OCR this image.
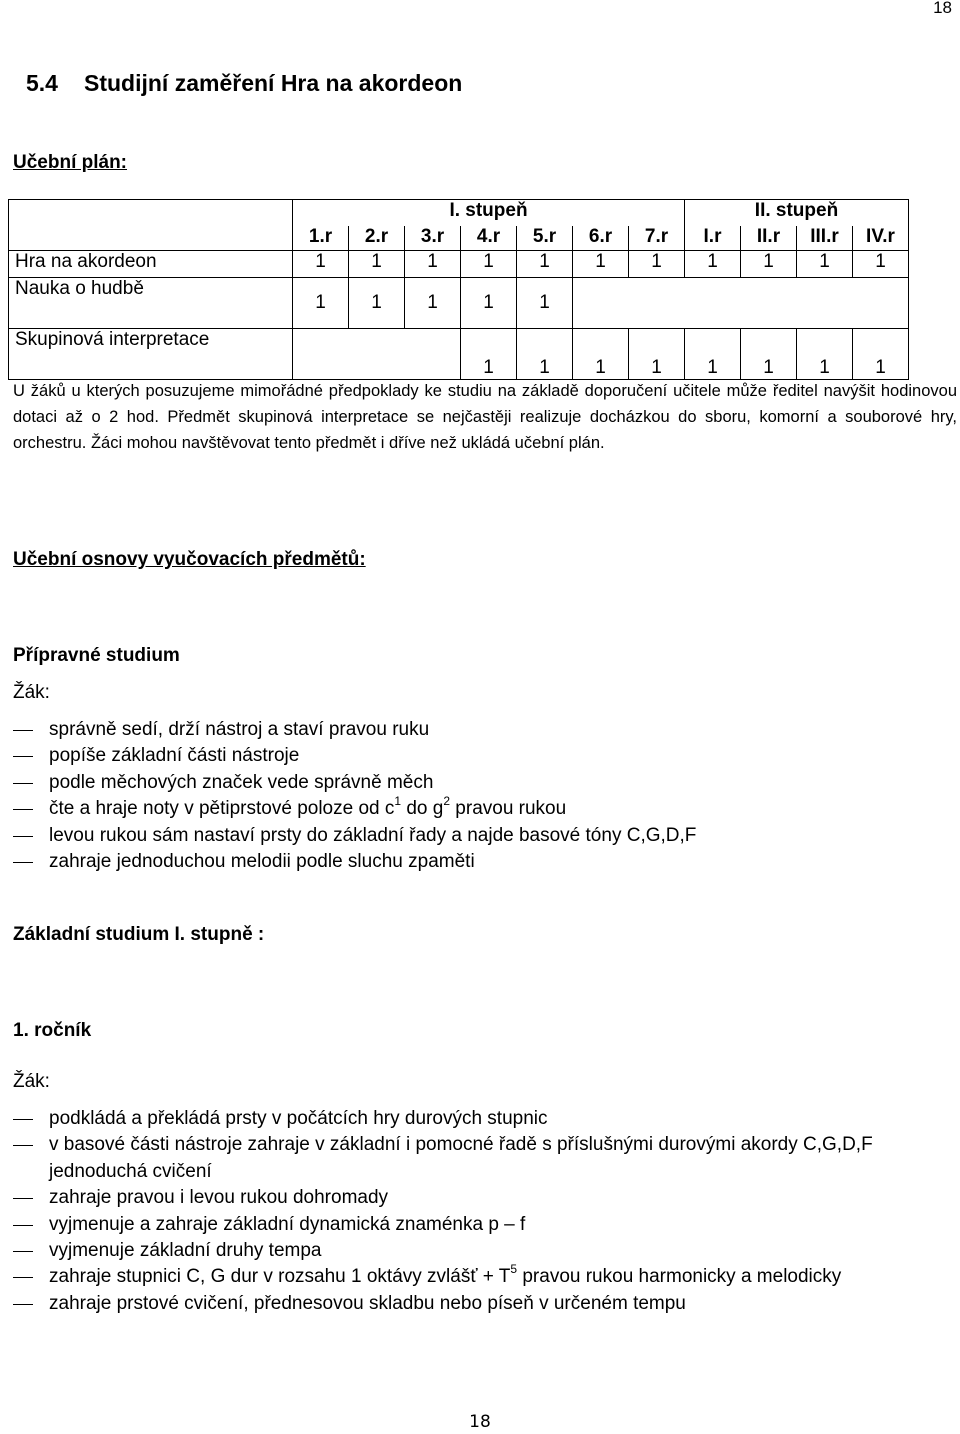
18
5.4 Studijní zaměření Hra na akordeon
Učební plán:
	I. stupeň							II. stupeň			
	1.r	2.r	3.r	4.r	5.r	6.r	7.r	I.r	II.r	III.r	IV.r
Hra na akordeon	1	1	1	1	1	1	1	1	1	1	1
Nauka o hudbě	1	1	1	1	1						
Skupinová interpretace				1	1	1	1	1	1	1	1

U žáků u kterých posuzujeme mimořádné předpoklady ke studiu na základě doporučení učitele může ředitel navýšit hodinovou dotaci až o 2 hod. Předmět skupinová interpretace se nejčastěji realizuje docházkou do sboru, komorní a souborové hry, orchestru. Žáci mohou navštěvovat tento předmět i dříve než ukládá učební plán.

Učební osnovy vyučovacích předmětů:
Přípravné studium
Žák:
správně sedí, drží nástroj a staví pravou ruku
popíše základní části nástroje
podle měchových značek vede správně měch
čte a hraje noty v pětiprstové poloze od $c^1$ do $g^2$ pravou rukou
levou rukou sám nastaví prsty do základní řady a najde basové tóny C,G,D,F
zahraje jednoduchou melodii podle sluchu zpaměti
Základní studium I. stupně :
1. ročník
Žák:
podkládá a překládá prsty v počátcích hry durových stupnic
v basové části nástroje zahraje v základní i pomocné řadě s příslušnými durovými akordy C,G,D,F jednoduchá cvičení
zahraje pravou i levou rukou dohromady
vyjmenuje a zahraje základní dynamická znaménka p – f
vyjmenuje základní druhy tempa
zahraje stupnici C, G dur v rozsahu 1 oktávy zvlášť + $T^5$ pravou rukou harmonicky a melodicky
zahraje prstové cvičení, přednesovou skladbu nebo píseň v určeném tempu
18
